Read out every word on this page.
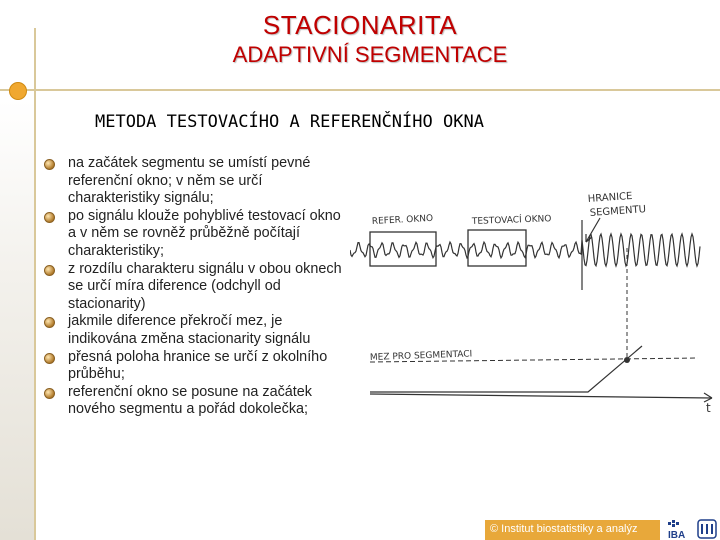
STACIONARITA
ADAPTIVNÍ SEGMENTACE
METODA TESTOVACÍHO A REFERENČNÍHO OKNA
na začátek segmentu se umístí pevné referenční okno; v něm se určí charakteristiky signálu;
po signálu klouže pohyblivé testovací okno a v něm se rovněž průběžně počítají charakteristiky;
z rozdílu charakteru signálu v obou oknech se určí míra diference (odchyll od stacionarity)
jakmile diference překročí mez, je indikována změna stacionarity signálu
přesná poloha hranice se určí z okolního průběhu;
referenční okno se posune na začátek nového segmentu a pořád dokolečka;
REFER. OKNO	TESTOVACÍ OKNO
HRANICE
SEGMENTU
MEZ PRO SEGMENTACI
t
© Institut biostatistiky a analýz
IBA
